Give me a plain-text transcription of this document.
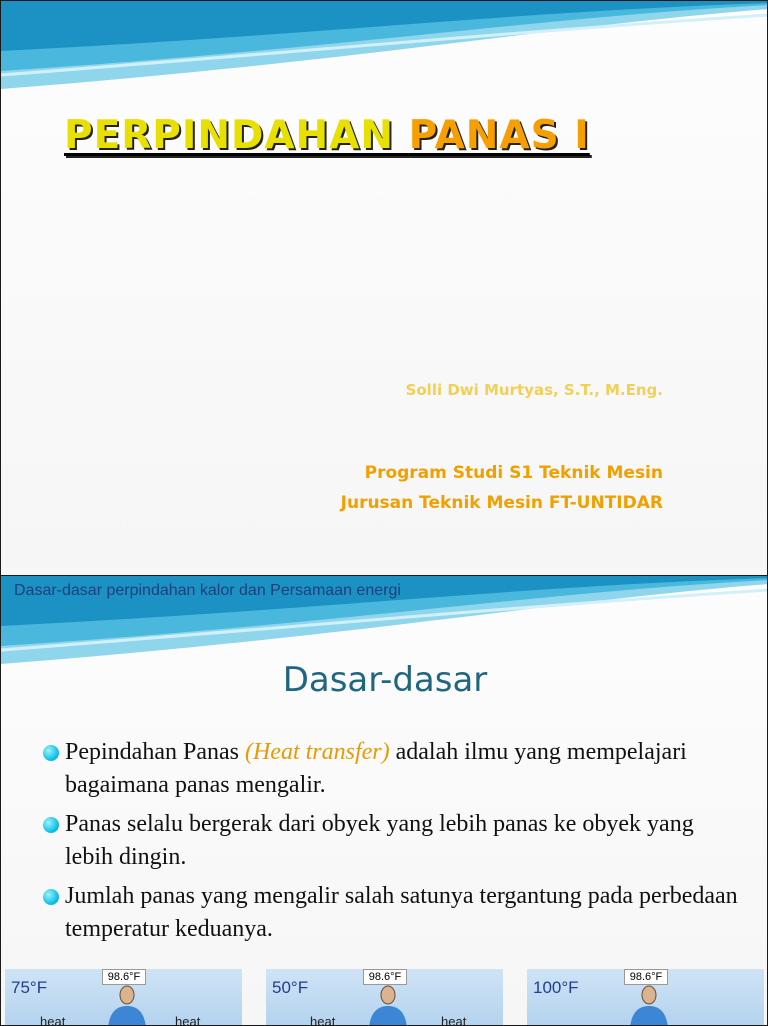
PERPINDAHAN PANAS I
Solli Dwi Murtyas, S.T., M.Eng.
Program Studi S1 Teknik Mesin
Jurusan Teknik Mesin FT-UNTIDAR
Dasar-dasar perpindahan kalor dan Persamaan energi
Dasar-dasar
Pepindahan Panas (Heat transfer) adalah ilmu yang mempelajari bagaimana panas mengalir.
Panas selalu bergerak dari obyek yang lebih panas ke obyek yang lebih dingin.
Jumlah panas yang mengalir salah satunya tergantung pada perbedaan temperatur keduanya.
75°F
98.6°F
heat	heat
50°F
98.6°F
heat	heat
100°F
98.6°F
